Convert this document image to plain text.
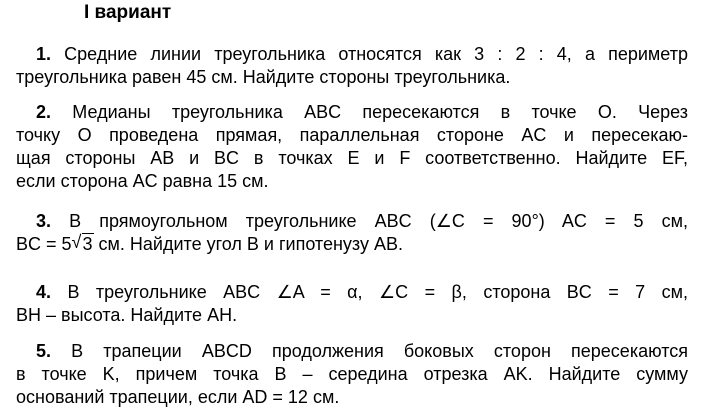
I вариант
1. Средние линии треугольника относятся как 3 : 2 : 4, а периметр
треугольника равен 45 см. Найдите стороны треугольника.
2. Медианы треугольника ABC пересекаются в точке O. Через
точку O проведена прямая, параллельная стороне AC и пересекаю-
щая стороны AB и BC в точках E и F соответственно. Найдите EF,
если сторона AC равна 15 см.
3. В прямоугольном треугольнике ABC (∠C = 90°) AC = 5 см,
BC = 5 √ 3 см. Найдите угол B и гипотенузу AB.
4. В треугольнике ABC ∠A = α, ∠C = β, сторона BC = 7 см,
BH – высота. Найдите AH.
5. В трапеции ABCD продолжения боковых сторон пересекаются
в точке K, причем точка B – середина отрезка AK. Найдите сумму
оснований трапеции, если AD = 12 см.
